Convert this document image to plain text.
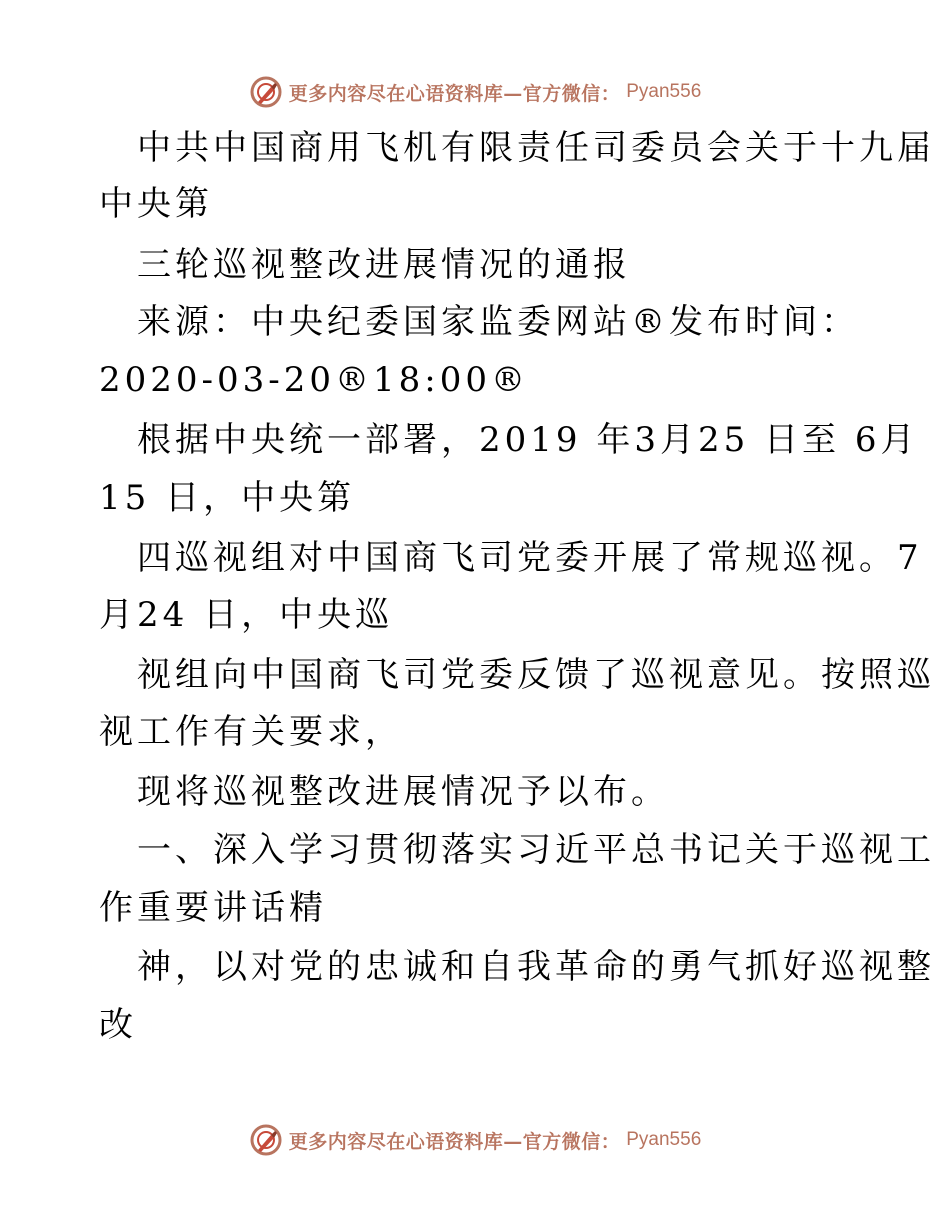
更多内容尽在心语资料库—官方微信： Pyan556
中共中国商用飞机有限责任司委员会关于十九届
中央第
三轮巡视整改进展情况的通报
来源：中央纪委国家监委网站®发布时间：
2020-03-20®18:00®
根据中央统一部署，2019 年3月25 日至 6月
15 日，中央第
四巡视组对中国商飞司党委开展了常规巡视。7
月24 日，中央巡
视组向中国商飞司党委反馈了巡视意见。按照巡
视工作有关要求，
现将巡视整改进展情况予以布。
一、深入学习贯彻落实习近平总书记关于巡视工
作重要讲话精
神，以对党的忠诚和自我革命的勇气抓好巡视整
改
更多内容尽在心语资料库—官方微信： Pyan556
